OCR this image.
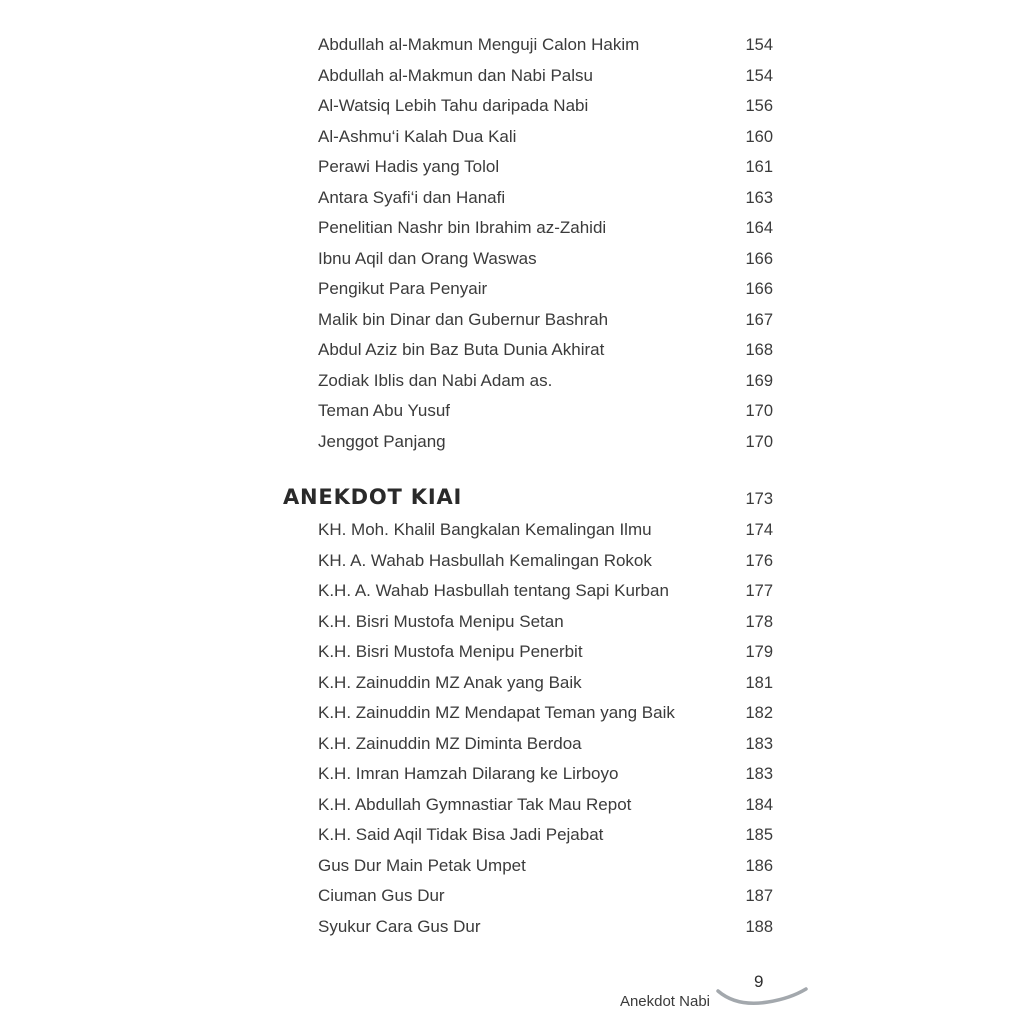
Abdullah al-Makmun Menguji Calon Hakim	154
Abdullah al-Makmun dan Nabi Palsu	154
Al-Watsiq Lebih Tahu daripada Nabi	156
Al-Ashmu‘i Kalah Dua Kali	160
Perawi Hadis yang Tolol	161
Antara Syafi‘i dan Hanafi	163
Penelitian Nashr bin Ibrahim az-Zahidi	164
Ibnu Aqil dan Orang Waswas	166
Pengikut Para Penyair	166
Malik bin Dinar dan Gubernur Bashrah	167
Abdul Aziz bin Baz Buta Dunia Akhirat	168
Zodiak Iblis dan Nabi Adam as.	169
Teman Abu Yusuf	170
Jenggot Panjang	170
ANEKDOT KIAI	173
KH. Moh. Khalil Bangkalan Kemalingan Ilmu	174
KH. A. Wahab Hasbullah Kemalingan Rokok	176
K.H. A. Wahab Hasbullah tentang Sapi Kurban	177
K.H. Bisri Mustofa Menipu Setan	178
K.H. Bisri Mustofa Menipu Penerbit	179
K.H. Zainuddin MZ Anak yang Baik	181
K.H. Zainuddin MZ Mendapat Teman yang Baik	182
K.H. Zainuddin MZ Diminta Berdoa	183
K.H. Imran Hamzah Dilarang ke Lirboyo	183
K.H. Abdullah Gymnastiar Tak Mau Repot	184
K.H. Said Aqil Tidak Bisa Jadi Pejabat	185
Gus Dur Main Petak Umpet	186
Ciuman Gus Dur	187
Syukur Cara Gus Dur	188
Anekdot Nabi
9
